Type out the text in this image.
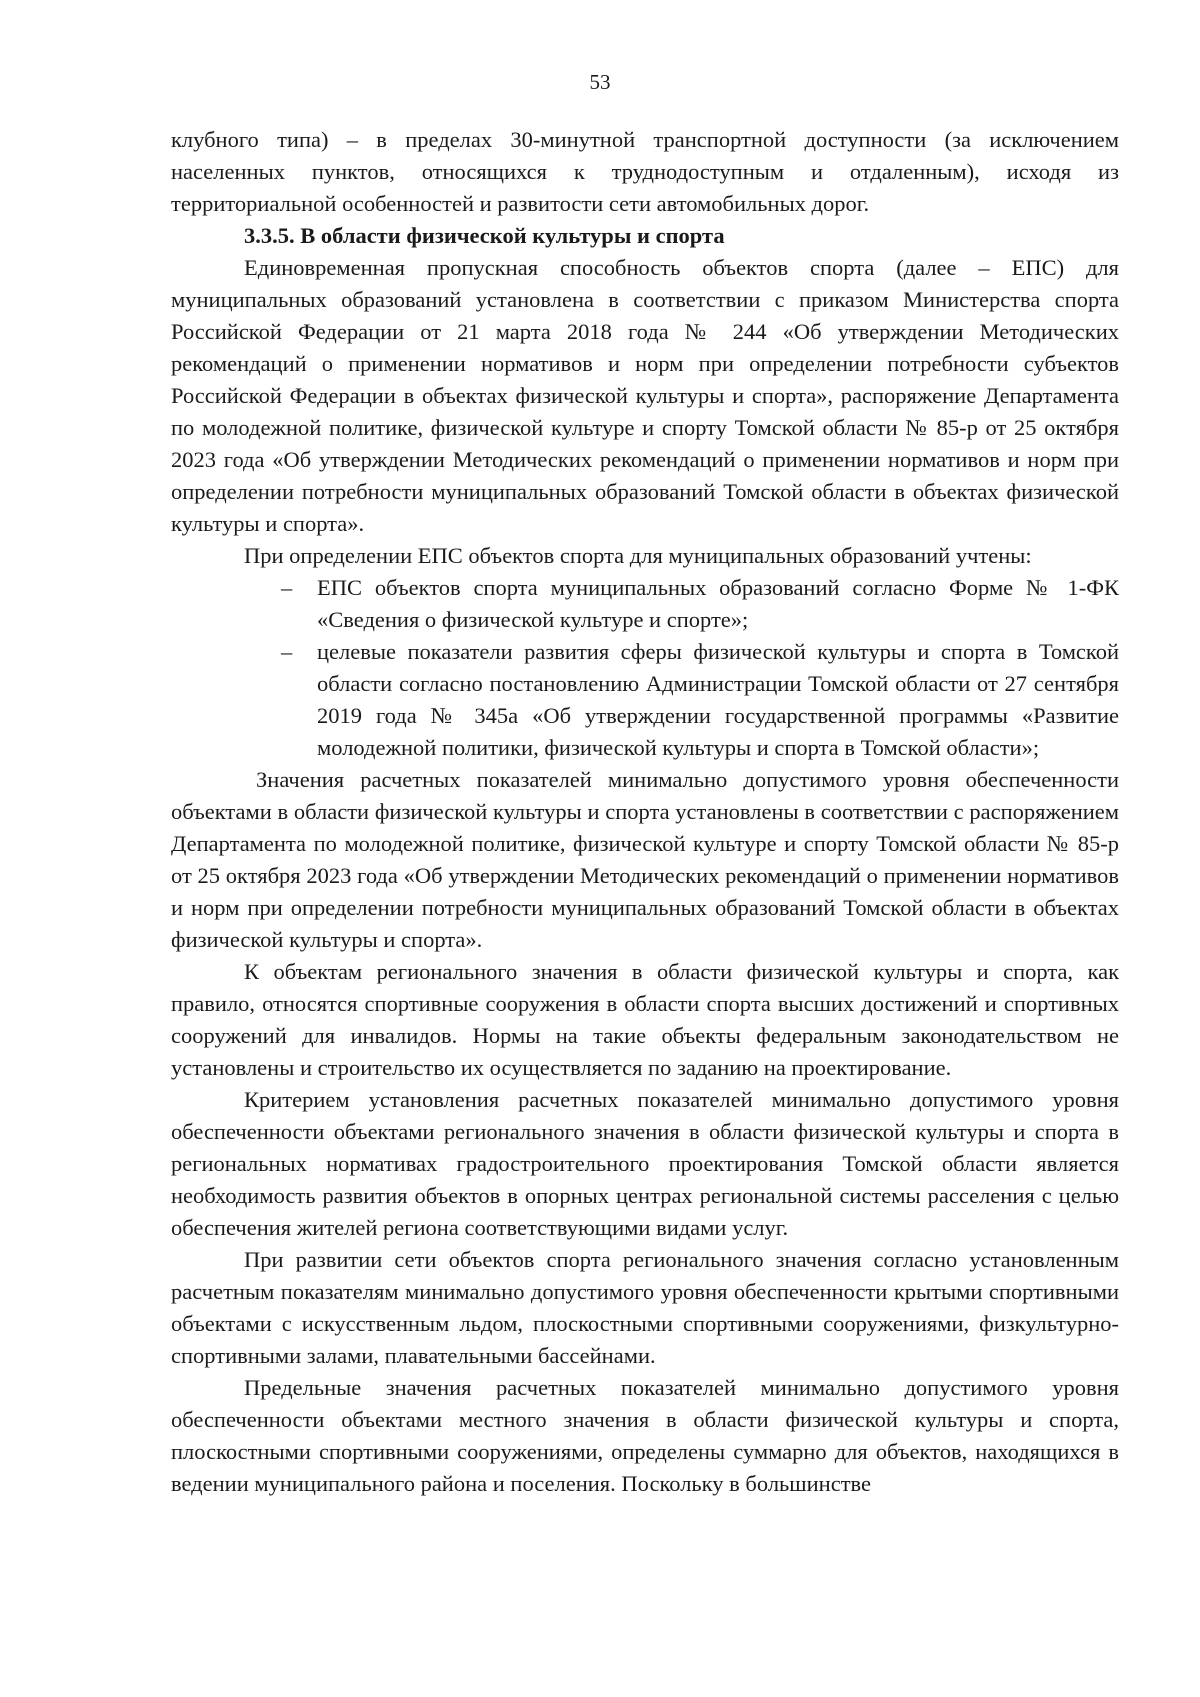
53

клубного типа) – в пределах 30-минутной транспортной доступности (за исключением населенных пунктов, относящихся к труднодоступным и отдаленным), исходя из территориальной особенностей и развитости сети автомобильных дорог.

3.3.5. В области физической культуры и спорта

Единовременная пропускная способность объектов спорта (далее – ЕПС) для муниципальных образований установлена в соответствии с приказом Министерства спорта Российской Федерации от 21 марта 2018 года № 244 «Об утверждении Методических рекомендаций о применении нормативов и норм при определении потребности субъектов Российской Федерации в объектах физической культуры и спорта», распоряжение Департамента по молодежной политике, физической культуре и спорту Томской области № 85-р от 25 октября 2023 года «Об утверждении Методических рекомендаций о применении нормативов и норм при определении потребности муниципальных образований Томской области в объектах физической культуры и спорта».

При определении ЕПС объектов спорта для муниципальных образований учтены:

– ЕПС объектов спорта муниципальных образований согласно Форме № 1-ФК «Сведения о физической культуре и спорте»;
– целевые показатели развития сферы физической культуры и спорта в Томской области согласно постановлению Администрации Томской области от 27 сентября 2019 года № 345а «Об утверждении государственной программы «Развитие молодежной политики, физической культуры и спорта в Томской области»;

Значения расчетных показателей минимально допустимого уровня обеспеченности объектами в области физической культуры и спорта установлены в соответствии с распоряжением Департамента по молодежной политике, физической культуре и спорту Томской области № 85-р от 25 октября 2023 года «Об утверждении Методических рекомендаций о применении нормативов и норм при определении потребности муниципальных образований Томской области в объектах физической культуры и спорта».

К объектам регионального значения в области физической культуры и спорта, как правило, относятся спортивные сооружения в области спорта высших достижений и спортивных сооружений для инвалидов. Нормы на такие объекты федеральным законодательством не установлены и строительство их осуществляется по заданию на проектирование.

Критерием установления расчетных показателей минимально допустимого уровня обеспеченности объектами регионального значения в области физической культуры и спорта в региональных нормативах градостроительного проектирования Томской области является необходимость развития объектов в опорных центрах региональной системы расселения с целью обеспечения жителей региона соответствующими видами услуг.

При развитии сети объектов спорта регионального значения согласно установленным расчетным показателям минимально допустимого уровня обеспеченности крытыми спортивными объектами с искусственным льдом, плоскостными спортивными сооружениями, физкультурно-спортивными залами, плавательными бассейнами.

Предельные значения расчетных показателей минимально допустимого уровня обеспеченности объектами местного значения в области физической культуры и спорта, плоскостными спортивными сооружениями, определены суммарно для объектов, находящихся в ведении муниципального района и поселения. Поскольку в большинстве
